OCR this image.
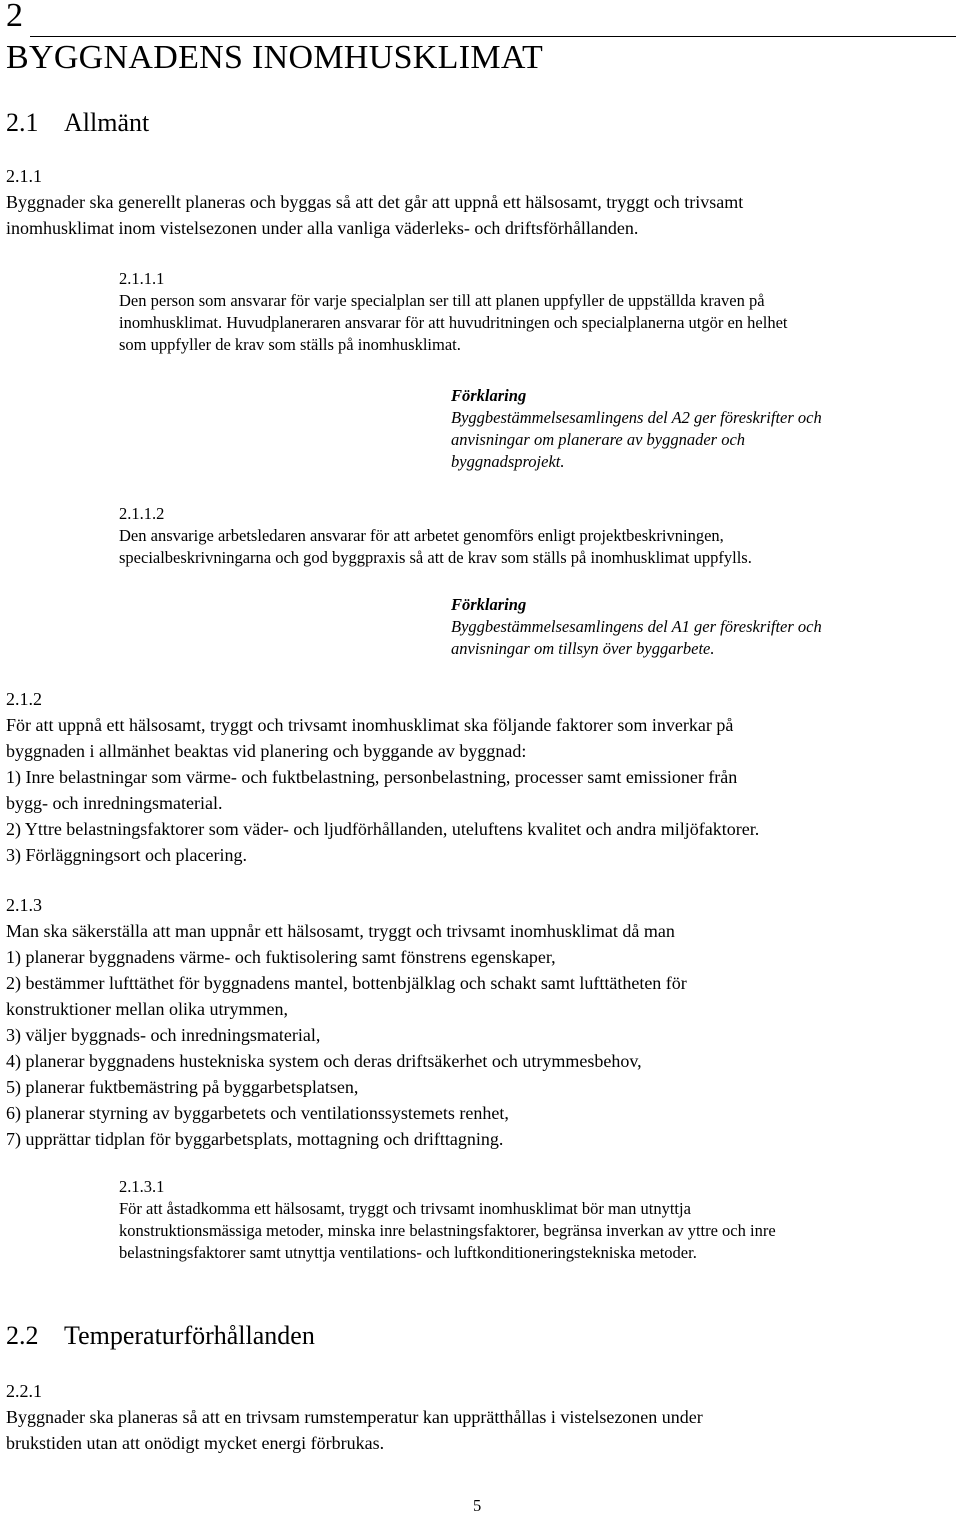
2
BYGGNADENS INOMHUSKLIMAT
2.1 Allmänt
2.1.1
Byggnader ska generellt planeras och byggas så att det går att uppnå ett hälsosamt, tryggt och trivsamt
inomhusklimat inom vistelsezonen under alla vanliga väderleks- och driftsförhållanden.
2.1.1.1
Den person som ansvarar för varje specialplan ser till att planen uppfyller de uppställda kraven på
inomhusklimat. Huvudplaneraren ansvarar för att huvudritningen och specialplanerna utgör en helhet
som uppfyller de krav som ställs på inomhusklimat.
Förklaring
Byggbestämmelsesamlingens del A2 ger föreskrifter och
anvisningar om planerare av byggnader och
byggnadsprojekt.
2.1.1.2
Den ansvarige arbetsledaren ansvarar för att arbetet genomförs enligt projektbeskrivningen,
specialbeskrivningarna och god byggpraxis så att de krav som ställs på inomhusklimat uppfylls.
Förklaring
Byggbestämmelsesamlingens del A1 ger föreskrifter och
anvisningar om tillsyn över byggarbete.
2.1.2
För att uppnå ett hälsosamt, tryggt och trivsamt inomhusklimat ska följande faktorer som inverkar på
byggnaden i allmänhet beaktas vid planering och byggande av byggnad:
1) Inre belastningar som värme- och fuktbelastning, personbelastning, processer samt emissioner från
bygg- och inredningsmaterial.
2) Yttre belastningsfaktorer som väder- och ljudförhållanden, uteluftens kvalitet och andra miljöfaktorer.
3) Förläggningsort och placering.
2.1.3
Man ska säkerställa att man uppnår ett hälsosamt, tryggt och trivsamt inomhusklimat då man
1) planerar byggnadens värme- och fuktisolering samt fönstrens egenskaper,
2) bestämmer lufttäthet för byggnadens mantel, bottenbjälklag och schakt samt lufttätheten för
konstruktioner mellan olika utrymmen,
3) väljer byggnads- och inredningsmaterial,
4) planerar byggnadens hustekniska system och deras driftsäkerhet och utrymmesbehov,
5) planerar fuktbemästring på byggarbetsplatsen,
6) planerar styrning av byggarbetets och ventilationssystemets renhet,
7) upprättar tidplan för byggarbetsplats, mottagning och drifttagning.
2.1.3.1
För att åstadkomma ett hälsosamt, tryggt och trivsamt inomhusklimat bör man utnyttja
konstruktionsmässiga metoder, minska inre belastningsfaktorer, begränsa inverkan av yttre och inre
belastningsfaktorer samt utnyttja ventilations- och luftkonditioneringstekniska metoder.
2.2 Temperaturförhållanden
2.2.1
Byggnader ska planeras så att en trivsam rumstemperatur kan upprätthållas i vistelsezonen under
brukstiden utan att onödigt mycket energi förbrukas.
5
